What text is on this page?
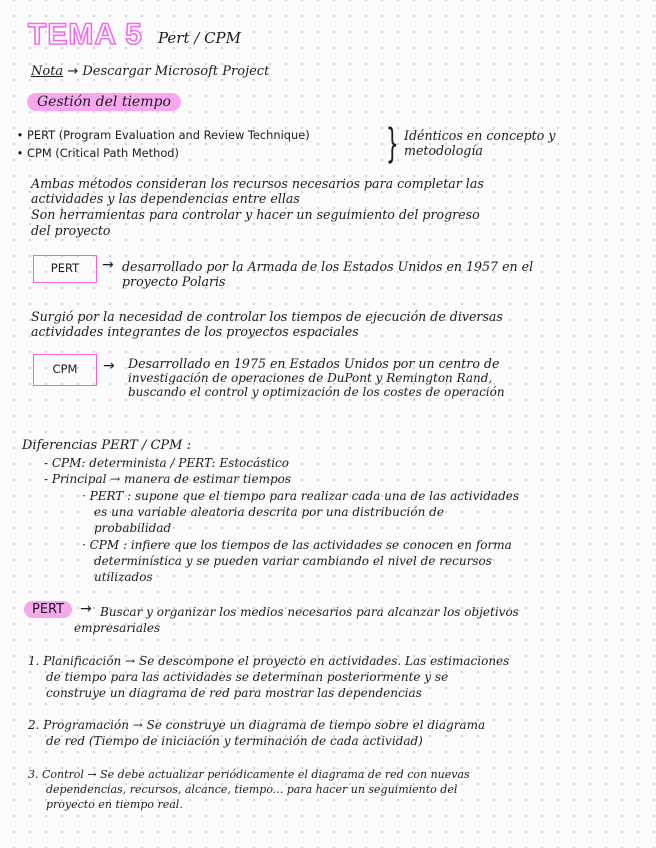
TEMA 5 Pert / CPM
Nota → Descargar Microsoft Project
Gestión del tiempo
• PERT (Program Evaluation and Review Technique)
• CPM (Critical Path Method)	} Idénticos en concepto y
metodología
Ambas métodos consideran los recursos necesarios para completar las
actividades y las dependencias entre ellas
Son herramientas para controlar y hacer un seguimiento del progreso
del proyecto
PERT	→ desarrollado por la Armada de los Estados Unidos en 1957 en el
proyecto Polaris
Surgió por la necesidad de controlar los tiempos de ejecución de diversas
actividades integrantes de los proyectos espaciales
CPM	→ Desarrollado en 1975 en Estados Unidos por un centro de
investigación de operaciones de DuPont y Remington Rand,
buscando el control y optimización de los costes de operación
Diferencias PERT / CPM :
- CPM: determinista / PERT: Estocástico
- Principal → manera de estimar tiempos
· PERT : supone que el tiempo para realizar cada una de las actividades
es una variable aleatoria descrita por una distribución de
probabilidad
· CPM : infiere que los tiempos de las actividades se conocen en forma
determinística y se pueden variar cambiando el nivel de recursos
utilizados
PERT	→ Buscar y organizar los medios necesarios para alcanzar los objetivos
empresariales
1. Planificación → Se descompone el proyecto en actividades. Las estimaciones
de tiempo para las actividades se determinan posteriormente y se
construye un diagrama de red para mostrar las dependencias
2. Programación → Se construye un diagrama de tiempo sobre el diagrama
de red (Tiempo de iniciación y terminación de cada actividad)
3. Control → Se debe actualizar periódicamente el diagrama de red con nuevas
dependencias, recursos, alcance, tiempo... para hacer un seguimiento del
proyecto en tiempo real.
